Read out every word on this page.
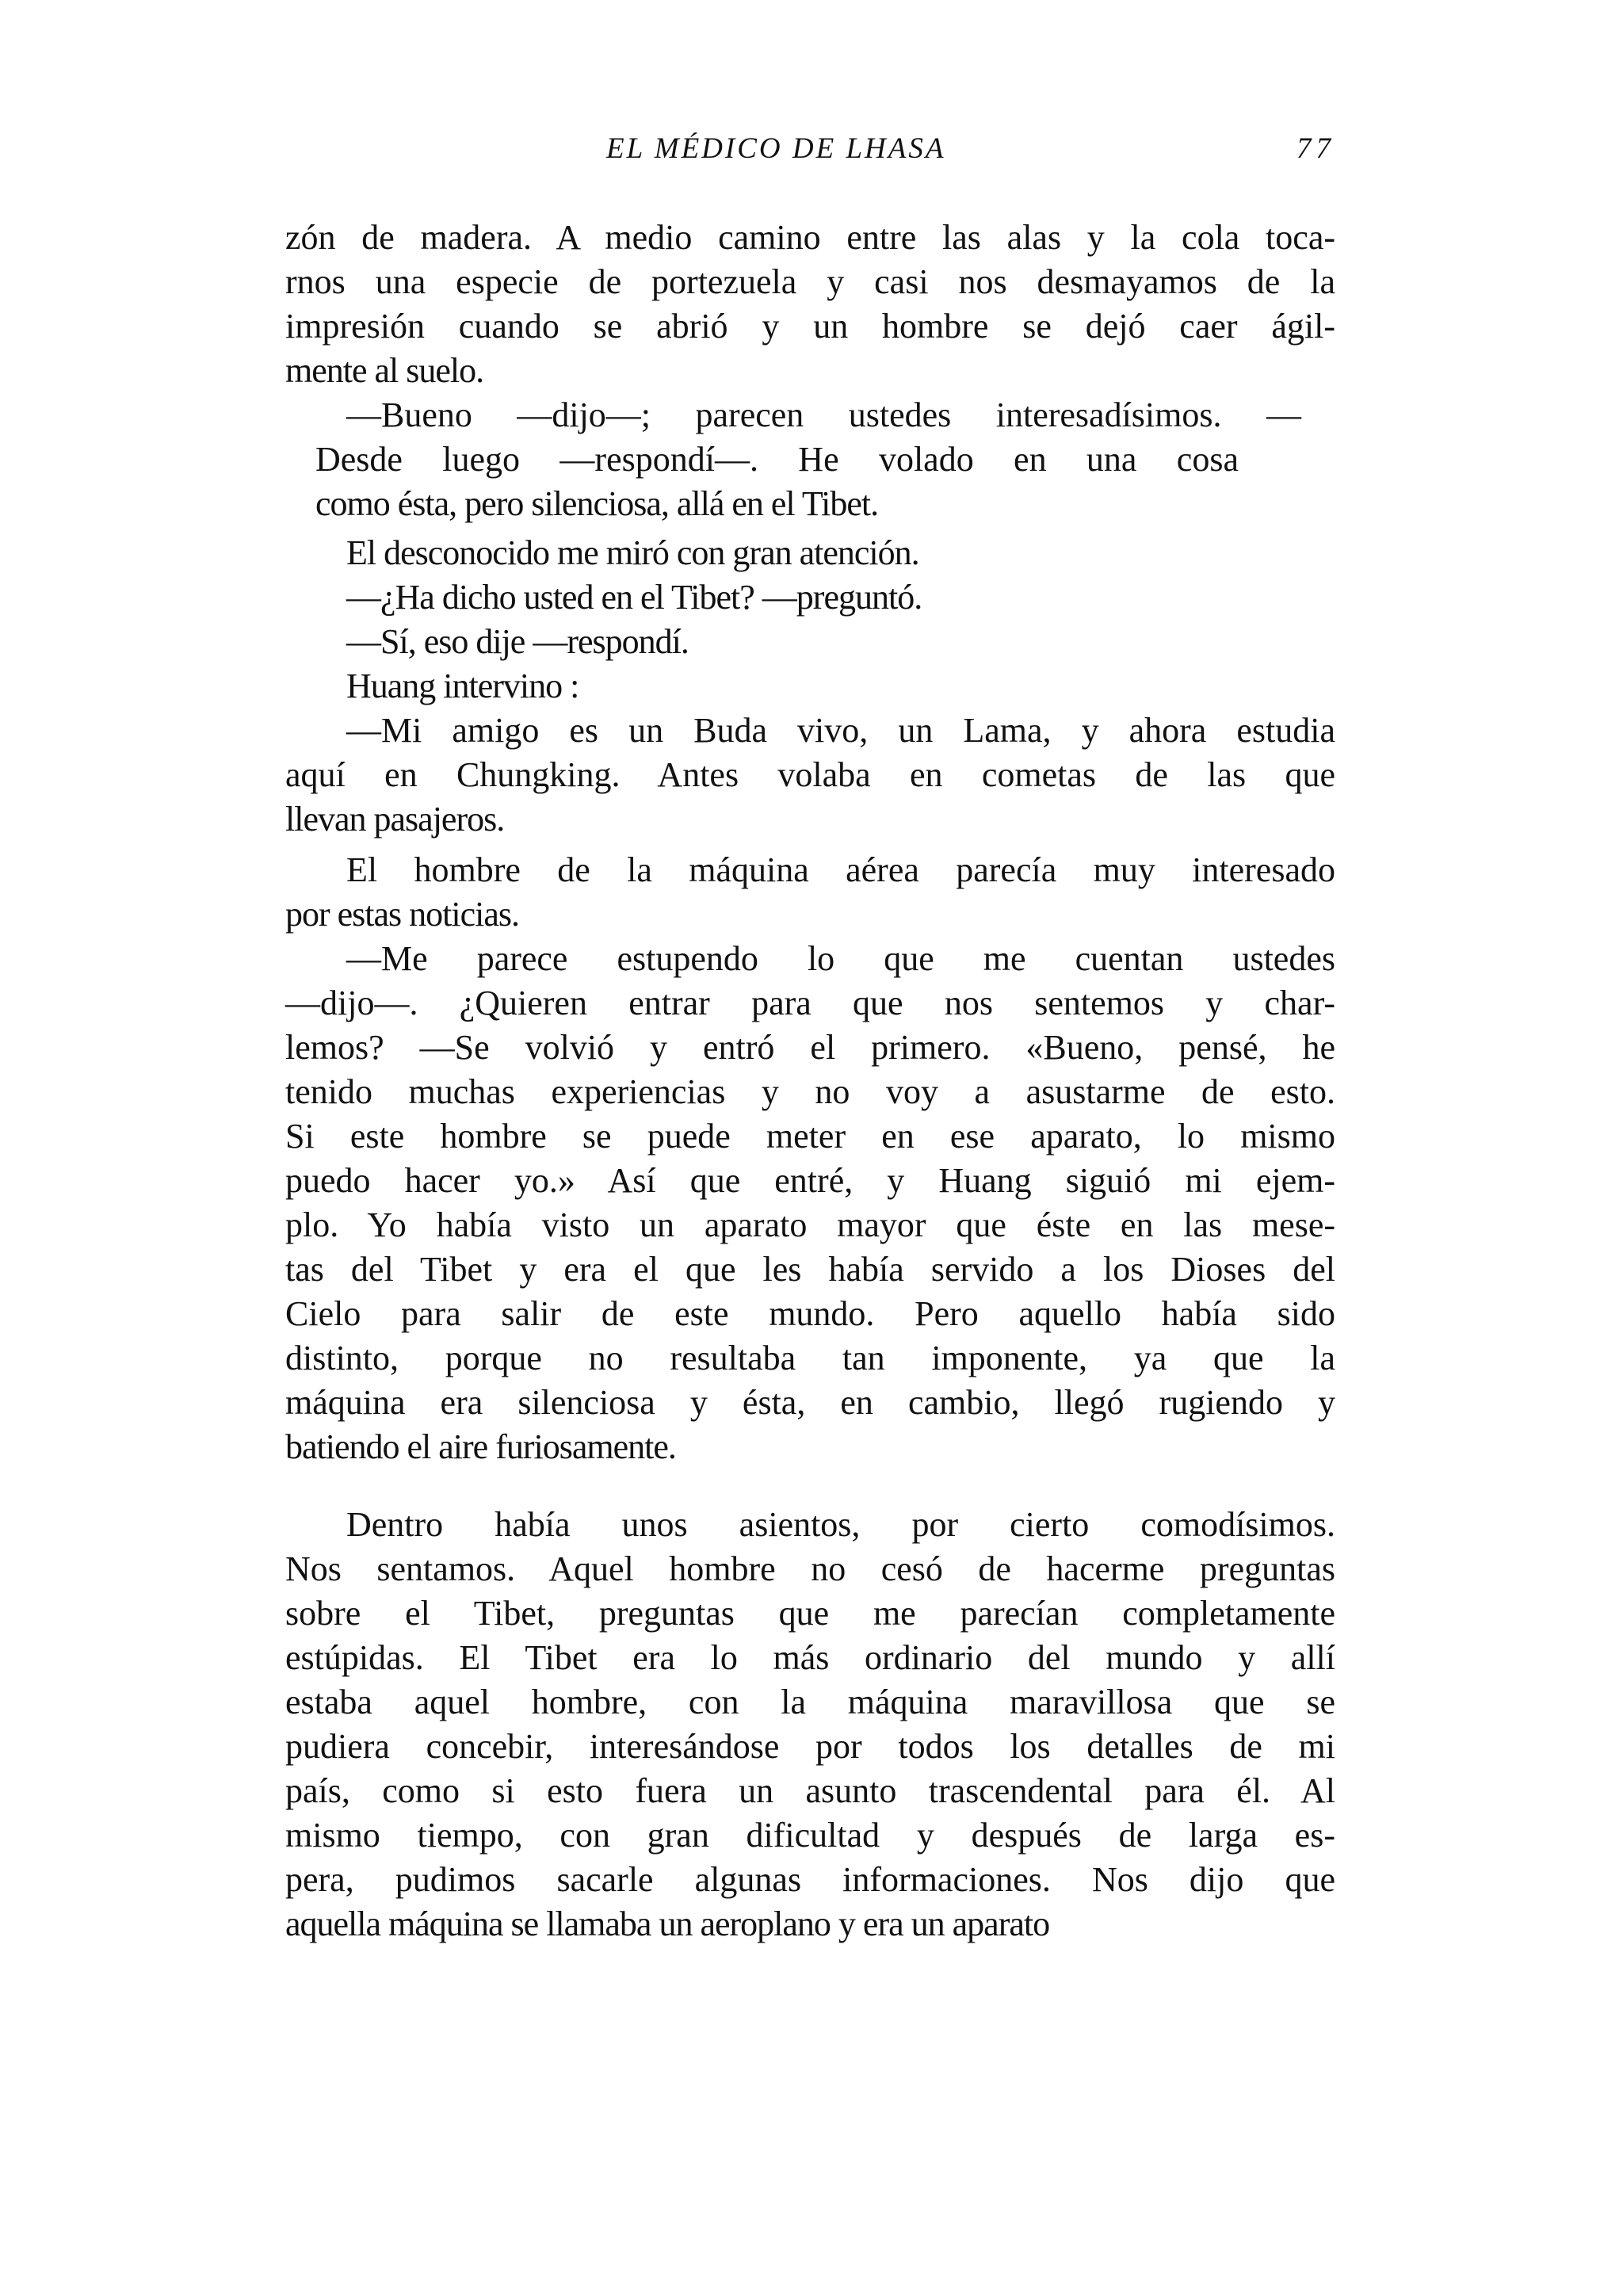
EL MÉDICO DE LHASA	77
zón de madera. A medio camino entre las alas y la cola toca-
rnos una especie de portezuela y casi nos desmayamos de la
impresión cuando se abrió y un hombre se dejó caer ágil-
mente al suelo.
—Bueno —dijo—; parecen ustedes interesadísimos. —
Desde luego —respondí—. He volado en una cosa
como ésta, pero silenciosa, allá en el Tibet.
El desconocido me miró con gran atención.
—¿Ha dicho usted en el Tibet? —preguntó.
—Sí, eso dije —respondí.
Huang intervino :
—Mi amigo es un Buda vivo, un Lama, y ahora estudia
aquí en Chungking. Antes volaba en cometas de las que
llevan pasajeros.
El hombre de la máquina aérea parecía muy interesado
por estas noticias.
—Me parece estupendo lo que me cuentan ustedes
—dijo—. ¿Quieren entrar para que nos sentemos y char-
lemos? —Se volvió y entró el primero. «Bueno, pensé, he
tenido muchas experiencias y no voy a asustarme de esto.
Si este hombre se puede meter en ese aparato, lo mismo
puedo hacer yo.» Así que entré, y Huang siguió mi ejem-
plo. Yo había visto un aparato mayor que éste en las mese-
tas del Tibet y era el que les había servido a los Dioses del
Cielo para salir de este mundo. Pero aquello había sido
distinto, porque no resultaba tan imponente, ya que la
máquina era silenciosa y ésta, en cambio, llegó rugiendo y
batiendo el aire furiosamente.
Dentro había unos asientos, por cierto comodísimos.
Nos sentamos. Aquel hombre no cesó de hacerme preguntas
sobre el Tibet, preguntas que me parecían completamente
estúpidas. El Tibet era lo más ordinario del mundo y allí
estaba aquel hombre, con la máquina maravillosa que se
pudiera concebir, interesándose por todos los detalles de mi
país, como si esto fuera un asunto trascendental para él. Al
mismo tiempo, con gran dificultad y después de larga es-
pera, pudimos sacarle algunas informaciones. Nos dijo que
aquella máquina se llamaba un aeroplano y era un aparato
